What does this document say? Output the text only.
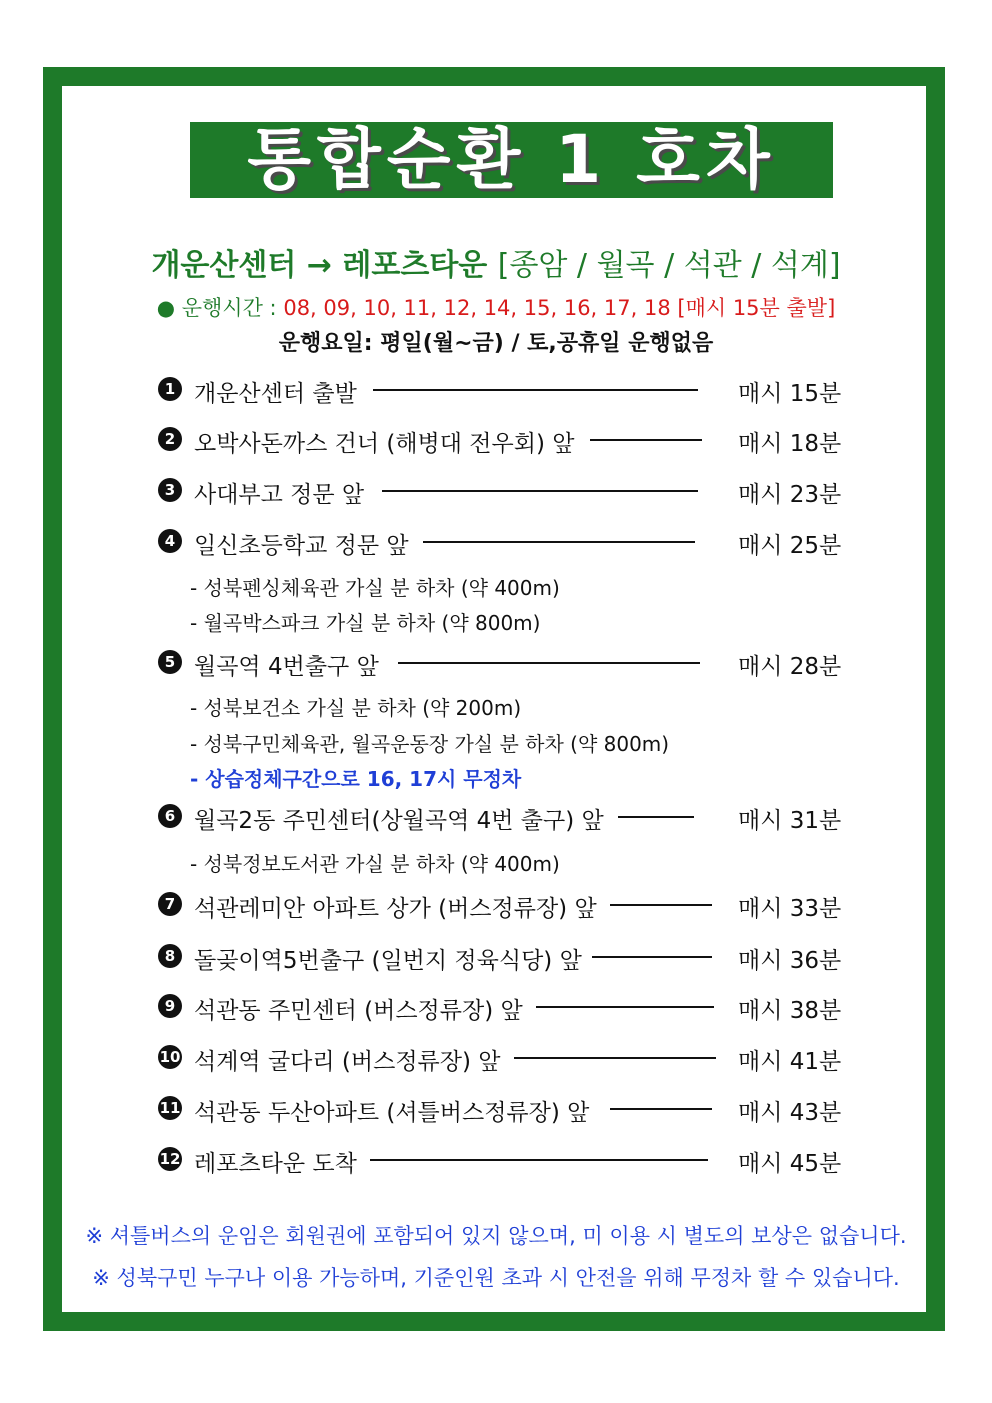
통합순환 1 호차
개운산센터 → 레포츠타운 [종암 / 월곡 / 석관 / 석계]
● 운행시간 : 08, 09, 10, 11, 12, 14, 15, 16, 17, 18 [매시 15분 출발]
운행요일: 평일(월~금) / 토,공휴일 운행없음
1 개운산센터 출발	매시 15분
2 오박사돈까스 건너 (해병대 전우회) 앞	매시 18분
3 사대부고 정문 앞	매시 23분
4 일신초등학교 정문 앞	매시 25분
- 성북펜싱체육관 가실 분 하차 (약 400m)
- 월곡박스파크 가실 분 하차 (약 800m)
5 월곡역 4번출구 앞	매시 28분
- 성북보건소 가실 분 하차 (약 200m)
- 성북구민체육관, 월곡운동장 가실 분 하차 (약 800m)
- 상습정체구간으로 16, 17시 무정차
6 월곡2동 주민센터(상월곡역 4번 출구) 앞	매시 31분
- 성북정보도서관 가실 분 하차 (약 400m)
7 석관레미안 아파트 상가 (버스정류장) 앞	매시 33분
8 돌곶이역5번출구 (일번지 정육식당) 앞	매시 36분
9 석관동 주민센터 (버스정류장) 앞	매시 38분
10 석계역 굴다리 (버스정류장) 앞	매시 41분
11 석관동 두산아파트 (셔틀버스정류장) 앞	매시 43분
12 레포츠타운 도착	매시 45분
※ 셔틀버스의 운임은 회원권에 포함되어 있지 않으며, 미 이용 시 별도의 보상은 없습니다.
※ 성북구민 누구나 이용 가능하며, 기준인원 초과 시 안전을 위해 무정차 할 수 있습니다.
